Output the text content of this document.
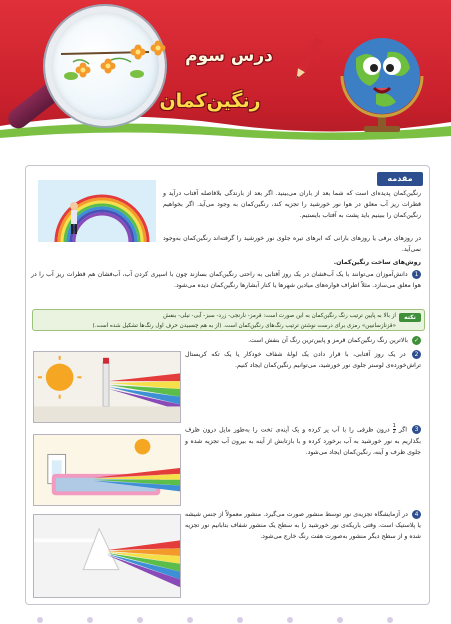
درس سوم
رنگین‌کمان
مقدمه
رنگین‌کمان پدیده‌ای است که شما بعد از باران می‌بینید. اگر بعد از بارندگی بلافاصله آفتاب درآید و قطرات ریز آب معلق در هوا نور خورشید را تجزیه کند، رنگین‌کمان به وجود می‌آید. اگر بخواهیم رنگین‌کمان را ببینیم باید پشت به آفتاب بایستیم.
در روزهای برفی یا روزهای بارانی که ابرهای تیره جلوی نور خورشید را گرفته‌اند رنگین‌کمان به‌وجود نمی‌آید.
روش‌های ساخت رنگین‌کمان.
1 دانش‌آموزان می‌توانند با یک آب‌فشان در یک روز آفتابی به راحتی رنگین‌کمان بسازند چون با اسپری کردن آب، آب‌فشان هم قطرات ریز آب را در هوا معلق می‌سازد. مثلاً اطراف فواره‌های میادین شهرها یا کنار آبشارها رنگین‌کمان دیده می‌شود.
نکته
از بالا به پایین ترتیب رنگ رنگین‌کمان به این صورت است: قرمز- نارنجی- زرد- سبز- آبی- نیلی- بنفش
«قزنازسانیبن» رمزی برای درست نوشتن ترتیب رنگ‌های رنگین‌کمان است. (از به هم چسبیدن حرف اول رنگ‌ها تشکیل شده است.)
✓ بالاترین رنگ رنگین‌کمان قرمز و پایین‌ترین رنگ آن بنفش است.
2 در یک روز آفتابی، با قرار دادن یک لولهٔ شفاف خودکار یا یک تکه کریستال تراش‌خورده‌ی لوستر جلوی نور خورشید، می‌توانیم رنگین‌کمان ایجاد کنیم.
3 اگر
$\frac{1}{2}$
درون ظرفی را با آب پر کرده و یک آینه‌ی تخت را به‌طور مایل درون ظرف بگذاریم به نور خورشید به آب برخورد کرده و با بازتابش از آینه به بیرون آب تجزیه شده و جلوی ظرف و آینه، رنگین‌کمان ایجاد می‌شود.
4 در آزمایشگاه تجزیه‌ی نور توسط منشور صورت می‌گیرد. منشور معمولاً از جنس شیشه یا پلاستیک است. وقتی باریکه‌ی نور خورشید را به سطح یک منشور شفاف بتابانیم نور تجزیه شده و از سطح دیگر منشور به‌صورت هفت رنگ خارج می‌شود.
